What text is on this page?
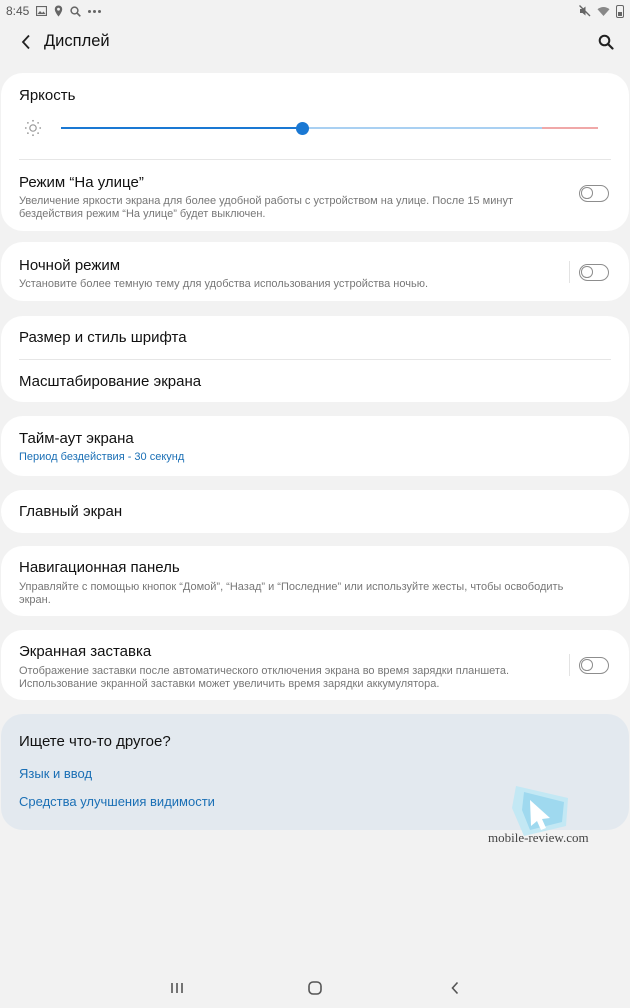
8:45
Дисплей
Яркость
Режим “На улице”
Увеличение яркости экрана для более удобной работы с устройством на улице. После 15 минут
бездействия режим “На улице” будет выключен.
Ночной режим
Установите более темную тему для удобства использования устройства ночью.
Размер и стиль шрифта
Масштабирование экрана
Тайм-аут экрана
Период бездействия - 30 секунд
Главный экран
Навигационная панель
Управляйте с помощью кнопок “Домой”, “Назад” и “Последние” или используйте жесты, чтобы освободить
экран.
Экранная заставка
Отображение заставки после автоматического отключения экрана во время зарядки планшета.
Использование экранной заставки может увеличить время зарядки аккумулятора.
Ищете что-то другое?
Язык и ввод
Средства улучшения видимости
mobile-review.com
